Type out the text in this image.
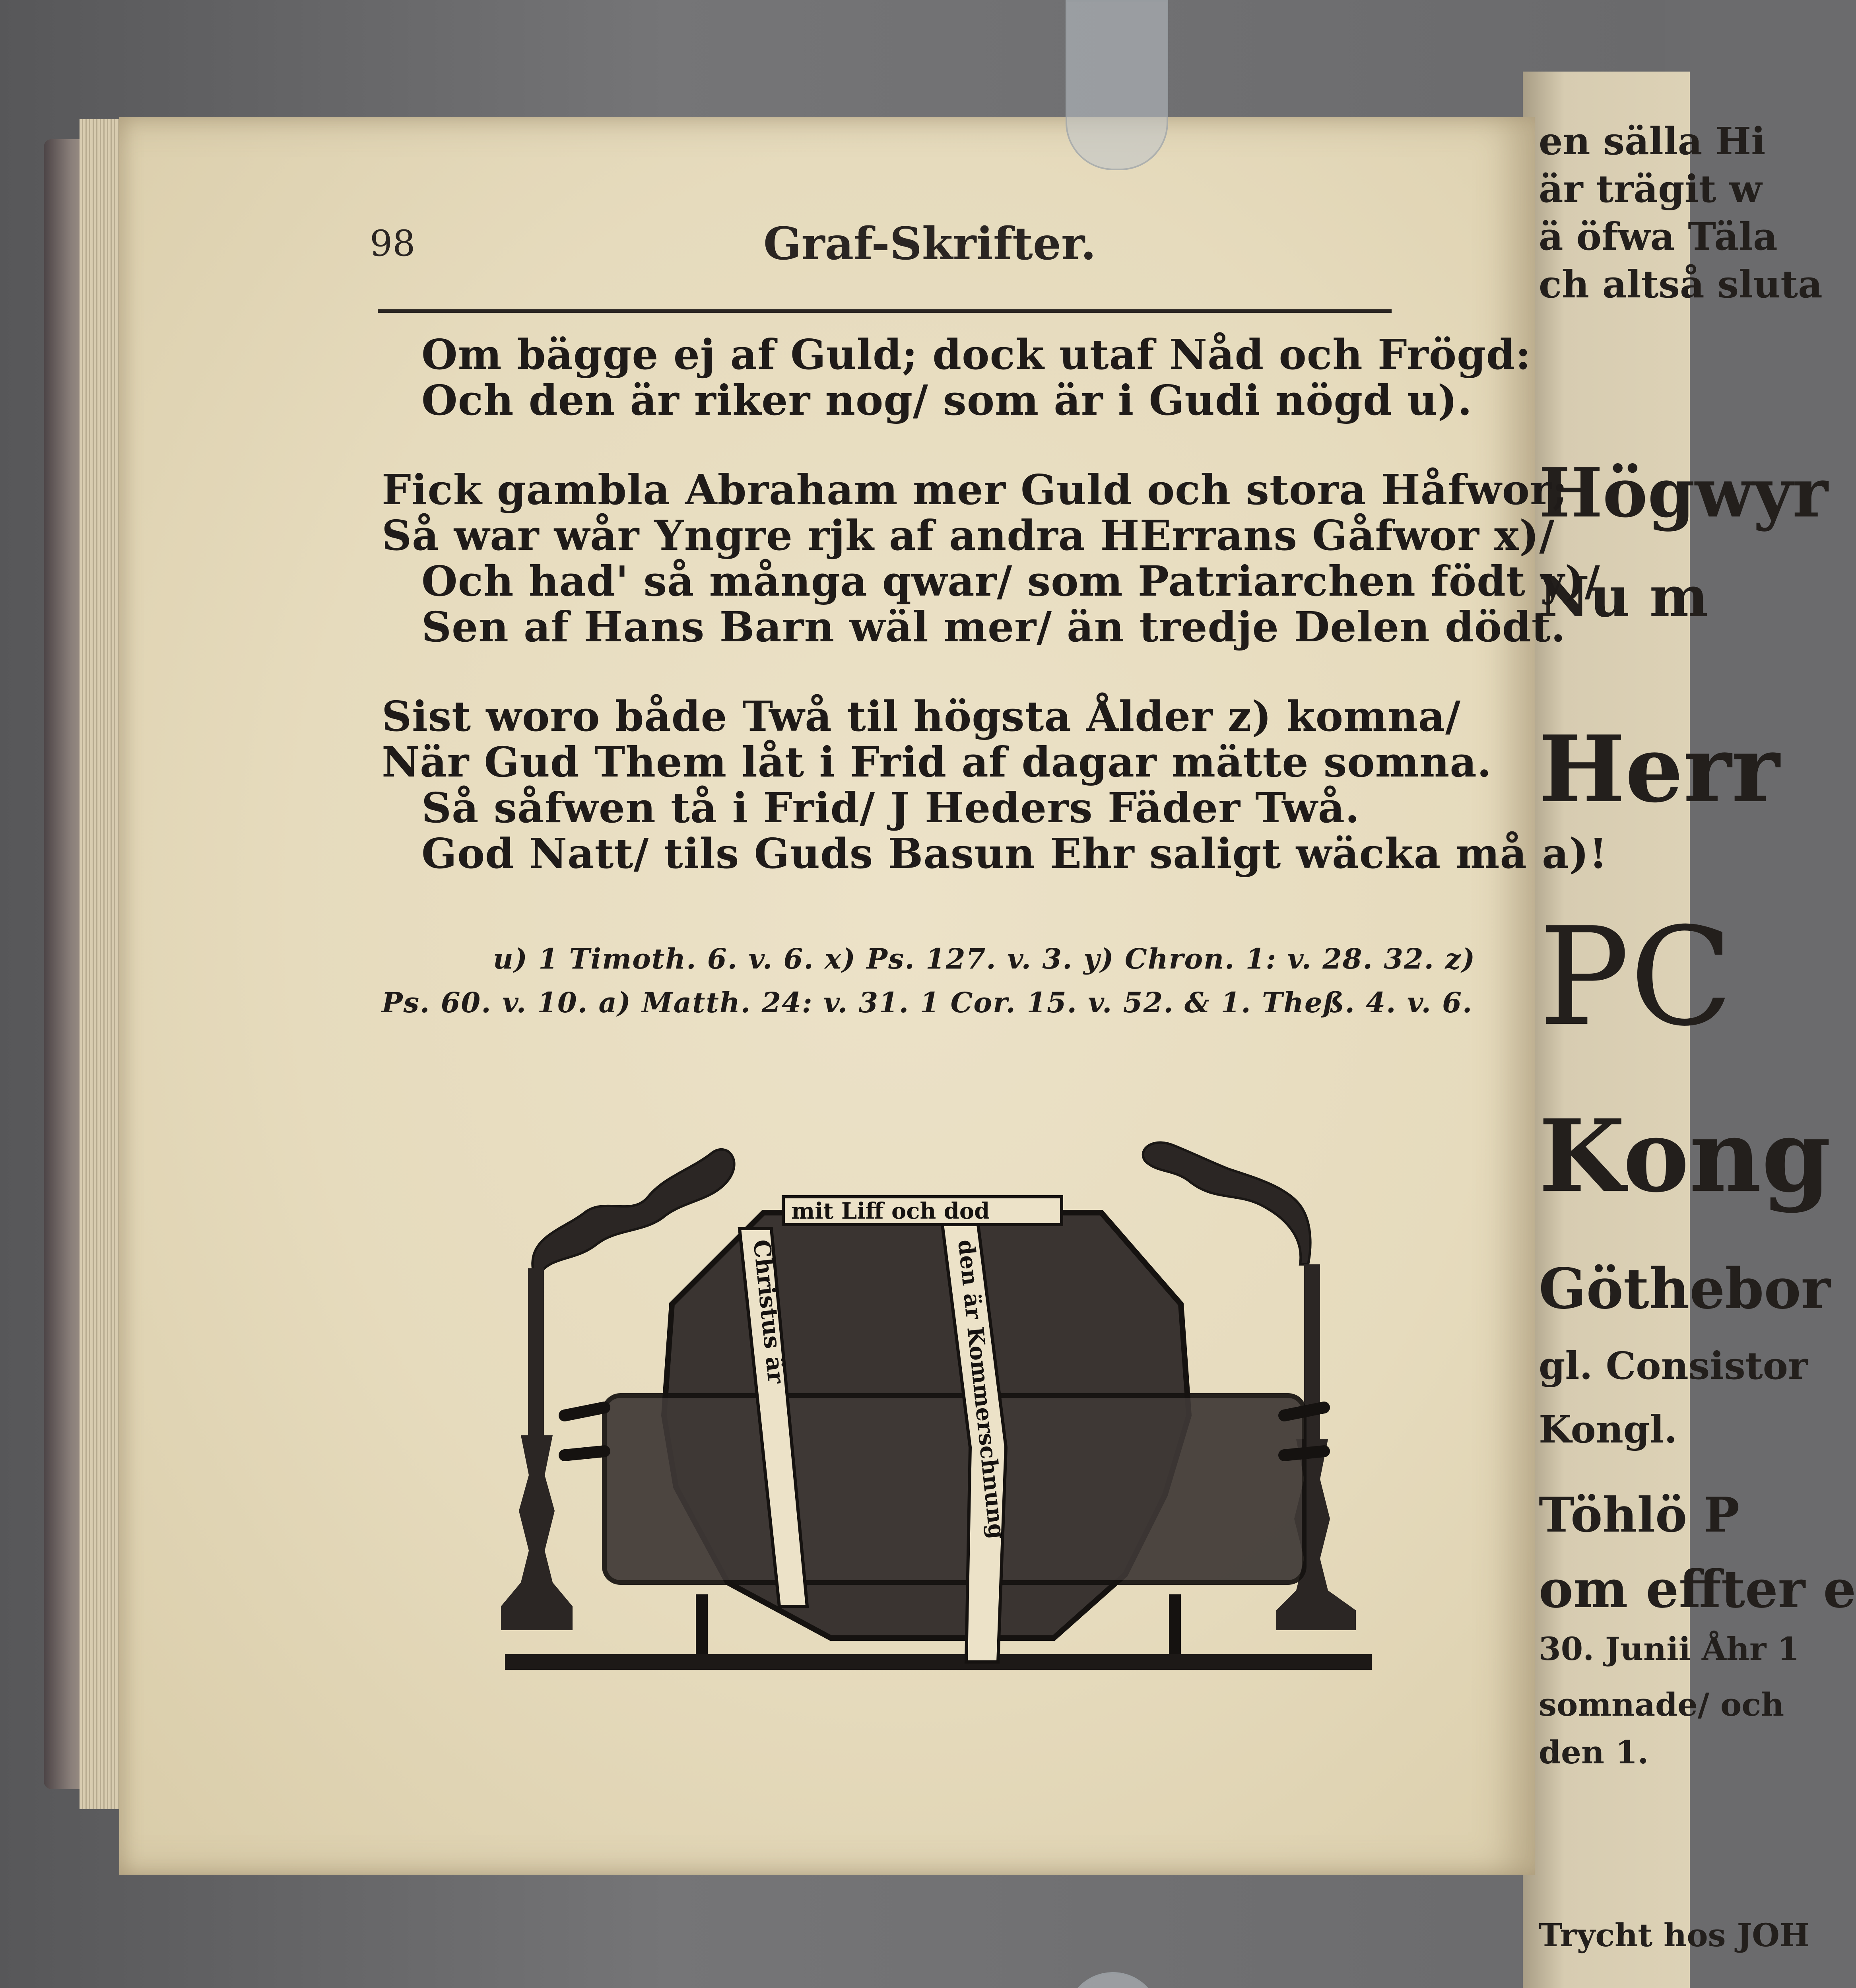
en sälla Hi
är trägit w
ä öfwa Täla
ch altså sluta
Högwyr
Nu m
Herr
PC
Kong
Göthebor
gl. Consistor
Kongl.
Töhlö P
om effter e
30. Junii Åhr 1
somnade/ och
den 1.
Trycht hos JOH
98	Graf-Skrifter.
Om bägge ej af Guld; dock utaf Nåd och Frögd:
Och den är riker nog/ som är i Gudi nögd u).
Fick gambla Abraham mer Guld och stora Håfwor;
Så war wår Yngre rjk af andra HErrans Gåfwor x)/
Och had' så många qwar/ som Patriarchen födt y)/
Sen af Hans Barn wäl mer/ än tredje Delen dödt.
Sist woro både Twå til högsta Ålder z) komna/
När Gud Them låt i Frid af dagar mätte somna.
Så såfwen tå i Frid/ J Heders Fäder Twå.
God Natt/ tils Guds Basun Ehr saligt wäcka må a)!
u) 1 Timoth. 6. v. 6. x) Ps. 127. v. 3. y) Chron. 1: v. 28. 32. z)
Ps. 60. v. 10. a) Matth. 24: v. 31. 1 Cor. 15. v. 52. & 1. Theß. 4. v. 6.
mit Liff och dod
Christus är	den är Kommerschnung
